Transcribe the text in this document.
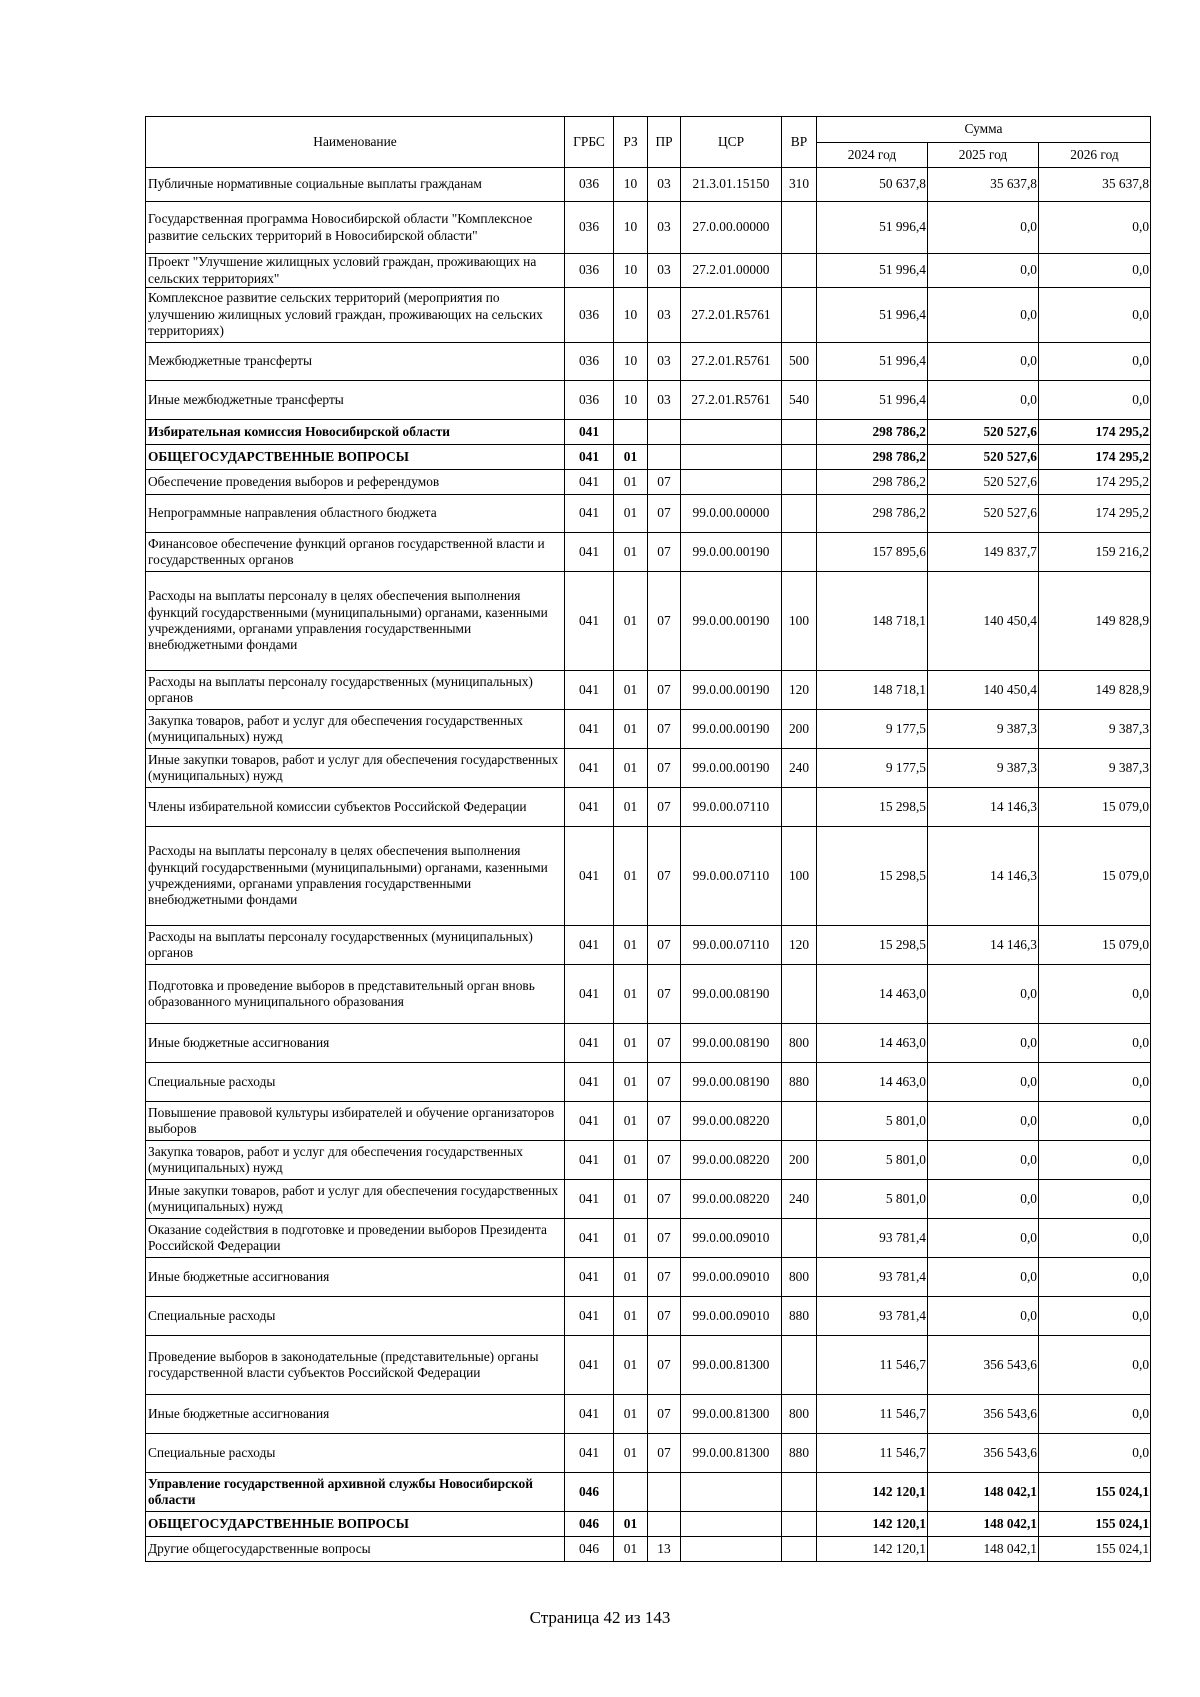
Наименование	ГРБС	РЗ	ПР	ЦСР	ВР	Сумма		
						2024 год	2025 год	2026 год
Публичные нормативные социальные выплаты гражданам	036	10	03	21.3.01.15150	310	50 637,8	35 637,8	35 637,8
Государственная программа Новосибирской области "Комплексное развитие сельских территорий в Новосибирской области"	036	10	03	27.0.00.00000		51 996,4	0,0	0,0
Проект "Улучшение жилищных условий граждан, проживающих на сельских территориях"	036	10	03	27.2.01.00000		51 996,4	0,0	0,0
Комплексное развитие сельских территорий (мероприятия по улучшению жилищных условий граждан, проживающих на сельских территориях)	036	10	03	27.2.01.R5761		51 996,4	0,0	0,0
Межбюджетные трансферты	036	10	03	27.2.01.R5761	500	51 996,4	0,0	0,0
Иные межбюджетные трансферты	036	10	03	27.2.01.R5761	540	51 996,4	0,0	0,0
Избирательная комиссия Новосибирской области	041					298 786,2	520 527,6	174 295,2
ОБЩЕГОСУДАРСТВЕННЫЕ ВОПРОСЫ	041	01				298 786,2	520 527,6	174 295,2
Обеспечение проведения выборов и референдумов	041	01	07			298 786,2	520 527,6	174 295,2
Непрограммные направления областного бюджета	041	01	07	99.0.00.00000		298 786,2	520 527,6	174 295,2
Финансовое обеспечение функций органов государственной власти и государственных органов	041	01	07	99.0.00.00190		157 895,6	149 837,7	159 216,2
Расходы на выплаты персоналу в целях обеспечения выполнения функций государственными (муниципальными) органами, казенными учреждениями, органами управления государственными внебюджетными фондами	041	01	07	99.0.00.00190	100	148 718,1	140 450,4	149 828,9
Расходы на выплаты персоналу государственных (муниципальных) органов	041	01	07	99.0.00.00190	120	148 718,1	140 450,4	149 828,9
Закупка товаров, работ и услуг для обеспечения государственных (муниципальных) нужд	041	01	07	99.0.00.00190	200	9 177,5	9 387,3	9 387,3
Иные закупки товаров, работ и услуг для обеспечения государственных (муниципальных) нужд	041	01	07	99.0.00.00190	240	9 177,5	9 387,3	9 387,3
Члены избирательной комиссии субъектов Российской Федерации	041	01	07	99.0.00.07110		15 298,5	14 146,3	15 079,0
Расходы на выплаты персоналу в целях обеспечения выполнения функций государственными (муниципальными) органами, казенными учреждениями, органами управления государственными внебюджетными фондами	041	01	07	99.0.00.07110	100	15 298,5	14 146,3	15 079,0
Расходы на выплаты персоналу государственных (муниципальных) органов	041	01	07	99.0.00.07110	120	15 298,5	14 146,3	15 079,0
Подготовка и проведение выборов в представительный орган вновь образованного муниципального образования	041	01	07	99.0.00.08190		14 463,0	0,0	0,0
Иные бюджетные ассигнования	041	01	07	99.0.00.08190	800	14 463,0	0,0	0,0
Специальные расходы	041	01	07	99.0.00.08190	880	14 463,0	0,0	0,0
Повышение правовой культуры избирателей и обучение организаторов выборов	041	01	07	99.0.00.08220		5 801,0	0,0	0,0
Закупка товаров, работ и услуг для обеспечения государственных (муниципальных) нужд	041	01	07	99.0.00.08220	200	5 801,0	0,0	0,0
Иные закупки товаров, работ и услуг для обеспечения государственных (муниципальных) нужд	041	01	07	99.0.00.08220	240	5 801,0	0,0	0,0
Оказание содействия в подготовке и проведении выборов Президента Российской Федерации	041	01	07	99.0.00.09010		93 781,4	0,0	0,0
Иные бюджетные ассигнования	041	01	07	99.0.00.09010	800	93 781,4	0,0	0,0
Специальные расходы	041	01	07	99.0.00.09010	880	93 781,4	0,0	0,0
Проведение выборов в законодательные (представительные) органы государственной власти субъектов Российской Федерации	041	01	07	99.0.00.81300		11 546,7	356 543,6	0,0
Иные бюджетные ассигнования	041	01	07	99.0.00.81300	800	11 546,7	356 543,6	0,0
Специальные расходы	041	01	07	99.0.00.81300	880	11 546,7	356 543,6	0,0
Управление государственной архивной службы Новосибирской области	046					142 120,1	148 042,1	155 024,1
ОБЩЕГОСУДАРСТВЕННЫЕ ВОПРОСЫ	046	01				142 120,1	148 042,1	155 024,1
Другие общегосударственные вопросы	046	01	13			142 120,1	148 042,1	155 024,1
Страница 42 из 143
